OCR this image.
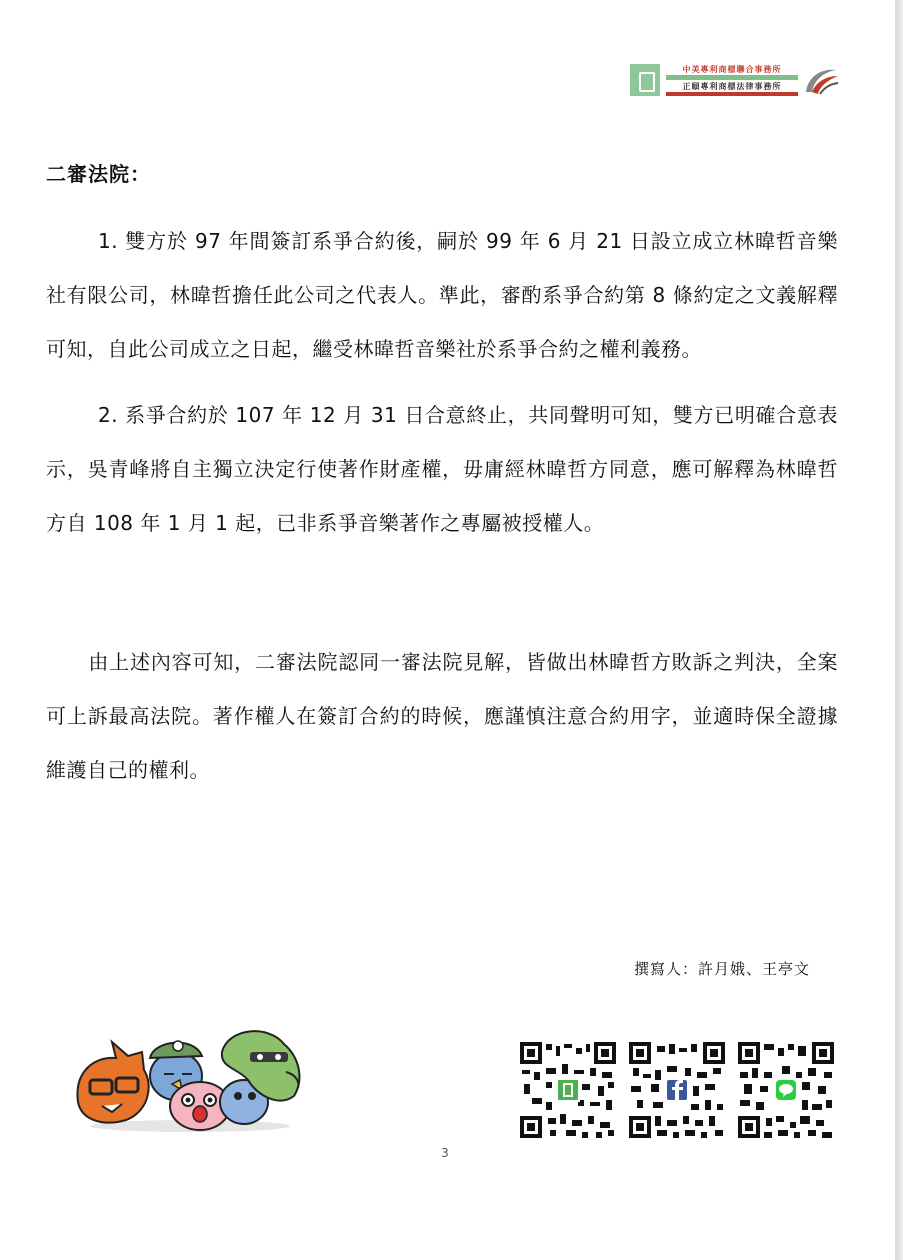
中美專利商標聯合事務所
正頤專利商標法律事務所
二審法院：
1. 雙方於 97 年間簽訂系爭合約後，嗣於 99 年 6 月 21 日設立成立林暐哲音樂社有限公司，林暐哲擔任此公司之代表人。準此，審酌系爭合約第 8 條約定之文義解釋可知，自此公司成立之日起，繼受林暐哲音樂社於系爭合約之權利義務。
2. 系爭合約於 107 年 12 月 31 日合意終止，共同聲明可知，雙方已明確合意表示，吳青峰將自主獨立決定行使著作財產權，毋庸經林暐哲方同意，應可解釋為林暐哲方自 108 年 1 月 1 起，已非系爭音樂著作之專屬被授權人。
由上述內容可知，二審法院認同一審法院見解，皆做出林暐哲方敗訴之判決，全案可上訴最高法院。著作權人在簽訂合約的時候，應謹慎注意合約用字，並適時保全證據維護自己的權利。
撰寫人：許月娥、王亭文
3
